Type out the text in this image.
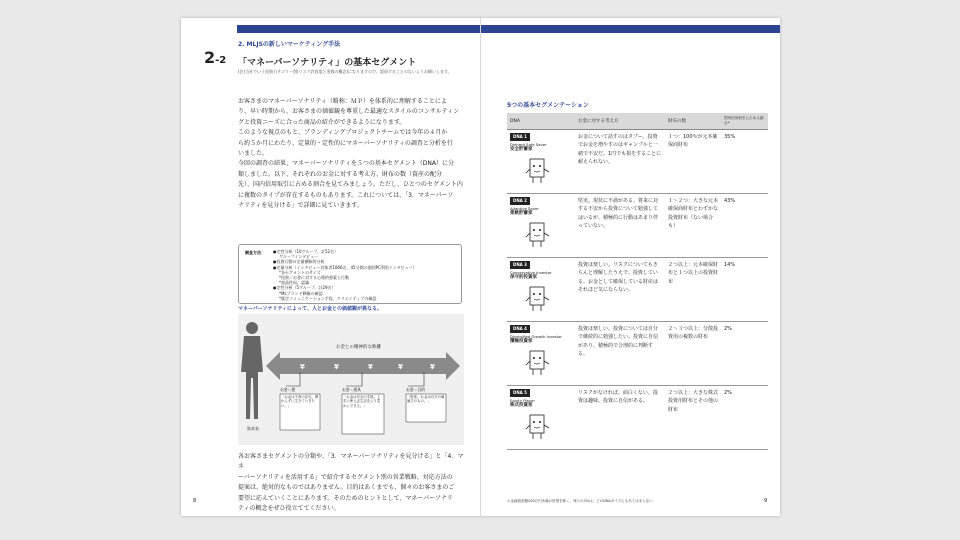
2. MLJSの新しいマーケティング手法
2-2 「マネーパーソナリティ」の基本セグメント
(注)当社でいう投資力テゴリー別(リスク許容度と金銭の概念)になりますので、混同することのないようお願いします。

お客さまのマネーパーソナリティ（略称：ＭＰ）を体系的に理解することによ

り、早い時期から、お客さまの価値観を尊重した最適なスタイルのコンサルティン

グと投資ニーズに合った商品の紹介ができるようになります。

このような視点のもと、ブランディングプロジェクトチームでは今年の４月か

ら約５か月にわたり、定量的・定性的にマネーパーソナリティの調査と分析を行

いました。

今回の調査の結果、マネーパーソナリティを５つの基本セグメント（DNA）に分

類しました。以下、それぞれのお金に対する考え方、財布の数（資産の配分

先）、国内信用取引に占める割合を見てみましょう。ただし、ひとつのセグメント内

に複数のタイプが存在するものもあります。これについては、「3．マネーパーソ

ナリティを見分ける」で詳細に見ていきます。

調査方法： ●定性分析（10グループ、計52名）
グループインタビュー
●投資行動の定量横断的分析
●定量分析（インタビュー対象者1066名、45分間の個別PC利用インタビュー）
*各セグメントのサイズ
*投資／お金に対する心理的要素と行動
*商品性向、認識
●定性分析（5グループ、計29名）
*MLブランド戦略の確認
*既定コミュニケーション手段、クリエイティブの確認
マネーパーソナリティによって、人とお金との価値観が異なる。
資本家
お金との精神的な距離
¥	¥	¥	¥	¥
お金＝悪
「お金は不浄の存在。関わらずに生きていきたい。」
お金＝道具
「お金は安全の手段。上手に使えば生活をより豊かにできる。」
お金＝目的
「財産。お金は自分の価値そのもの。」

各お客さまセグメントの分類や、「3．マネーパーソナリティを見分ける」と「4．マネ

ーパーソナリティを活用する」で紹介するセグメント別の営業戦略、対応方法の

提案は、絶対的なものではありません。目的はあくまでも、個々のお客さまのご

要望に応えていくことにあります。そのためのヒントとして、マネーパーソナリ

ティの概念をぜひ役立ててください。

8
5つの基本セグメンテーション
DNA	お金に対する考え方	財布の数	国内信用取引に占める割合*
DNA 1
Diehard Safe Saver
安全貯蓄家	お金について話すのはタブー。投資でお金を増やすのはギャンブルと一緒で不安だ。1円でも損をすることに耐えられない。	１つ：100％が元本確保商財布	35%
DNA 2
Adaptive Saver
柔軟貯蓄家	堅実。現状に不満がある。将来に対する不安から投資について勉強してはいるが、積極的に行動はあまり伴っていない。	１〜２つ：大きな元本確保商財布とわずかな投資財布（ない場合も）	43%
DNA 3
Conservative Investor
保守的投資家	投資は楽しい。リスクについてもきちんと理解したうえで、投資している。お金として確保している財産はそれほど気にならない。	２つ以上：元本確保財布と１つ以上の投資財布	14%
DNA 4
Diversified Growth Investor
積極投資家	投資は楽しい。投資については自分で継続的に勉強したい。投資に自信があり、積極的で合理的に判断する。	２〜３つ以上：分散投資用の複数の財布	2%
DNA 5
Equity Player
株式投資家	リスクがなければ、面白くない。投資は趣味。投資に自信がある。	２つ以上：大きな株式投資用財布とその他の財布	2%
＊金融資産額200万円未満の世帯を除く。残りの3%は、どのDNAタイプにもあてはまらない	9
